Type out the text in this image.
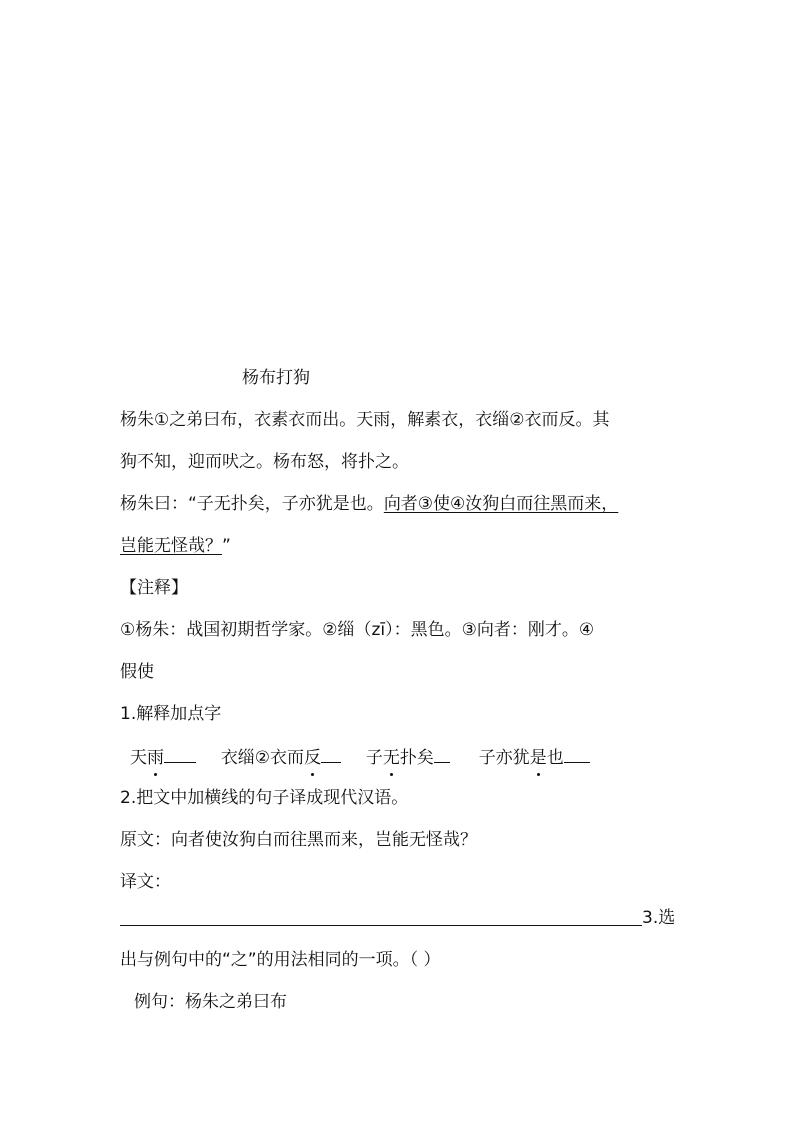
杨布打狗
杨朱①之弟曰布，衣素衣而出。天雨，解素衣，衣缁②衣而反。其
狗不知，迎而吠之。杨布怒，将扑之。
杨朱曰：“子无扑矣，子亦犹是也。向者③使④汝狗白而往黑而来，
岂能无怪哉？”
【注释】
①杨朱：战国初期哲学家。②缁（zī）：黑色。③向者：刚才。④
假使
1.解释加点字
天雨	衣缁②衣而反	子无扑矣	子亦犹是也
2.把文中加横线的句子译成现代汉语。
原文：向者使汝狗白而往黑而来，岂能无怪哉？
译文：
3.选
出与例句中的“之”的用法相同的一项。（ ）
例句：杨朱之弟曰布
